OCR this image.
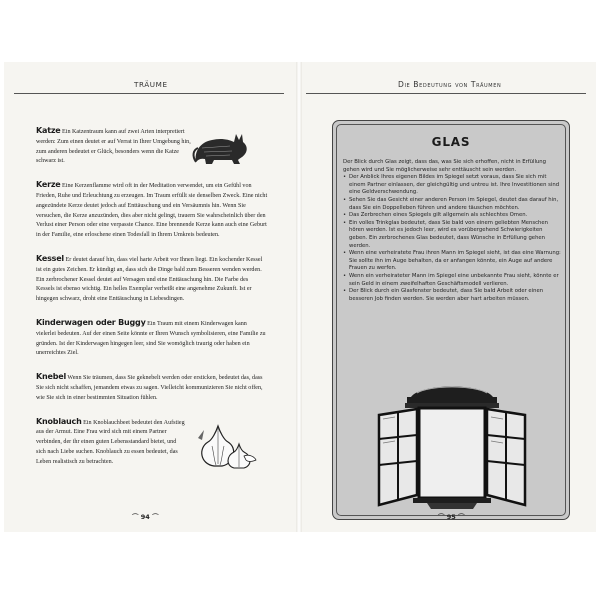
TRÄUME

Katze Ein Katzentraum kann auf zwei Arten interpretiert werden: Zum einen deutet er auf Verrat in Ihrer Umgebung hin, zum anderen bedeutet er Glück, besonders wenn die Katze schwarz ist.

Kerze Eine Kerzenflamme wird oft in der Meditation verwendet, um ein Gefühl von Frieden, Ruhe und Erleuchtung zu erzeugen. Im Traum erfüllt sie denselben Zweck. Eine nicht angezündete Kerze deutet jedoch auf Enttäuschung und ein Versäumnis hin. Wenn Sie versuchen, die Kerze anzuzünden, dies aber nicht gelingt, trauern Sie wahrscheinlich über den Verlust einer Person oder eine verpasste Chance. Eine brennende Kerze kann auch eine Geburt in der Familie, eine erloschene einen Todesfall in Ihrem Umkreis bedeuten.

Kessel Er deutet darauf hin, dass viel harte Arbeit vor Ihnen liegt. Ein kochender Kessel ist ein gutes Zeichen. Er kündigt an, dass sich die Dinge bald zum Besseren wenden werden. Ein zerbrochener Kessel deutet auf Versagen und eine Enttäuschung hin. Die Farbe des Kessels ist ebenso wichtig. Ein helles Exemplar verheißt eine angenehme Zukunft. Ist er hingegen schwarz, droht eine Enttäuschung in Liebesdingen.

Kinderwagen oder Buggy Ein Traum mit einem Kinderwagen kann vielerlei bedeuten. Auf der einen Seite könnte er Ihren Wunsch symbolisieren, eine Familie zu gründen. Ist der Kinderwagen hingegen leer, sind Sie womöglich traurig oder haben ein unerreichtes Ziel.

Knebel Wenn Sie träumen, dass Sie geknebelt werden oder ersticken, bedeutet das, dass Sie sich nicht schaffen, jemandem etwas zu sagen. Vielleicht kommunizieren Sie nicht offen, wie Sie sich in einer bestimmten Situation fühlen.

Knoblauch Ein Knoblauchbeet bedeutet den Aufstieg aus der Armut. Eine Frau wird sich mit einem Partner verbinden, der ihr einen guten Lebensstandard bietet, und sich nach Liebe suchen. Knoblauch zu essen bedeutet, das Leben realistisch zu betrachten.

⌒ 94 ⌒
Die Bedeutung von Träumen
GLAS

Der Blick durch Glas zeigt, dass das, was Sie sich erhoffen, nicht in Erfüllung gehen wird und Sie möglicherweise sehr enttäuscht sein werden.

• Der Anblick Ihres eigenen Bildes im Spiegel setzt voraus, dass Sie sich mit einem Partner einlassen, der gleichgültig und untreu ist. Ihre Investitionen sind eine Geldverschwendung.
• Sehen Sie das Gesicht einer anderen Person im Spiegel, deutet das darauf hin, dass Sie ein Doppelleben führen und andere täuschen möchten.
• Das Zerbrechen eines Spiegels gilt allgemein als schlechtes Omen.
• Ein volles Trinkglas bedeutet, dass Sie bald von einem geliebten Menschen hören werden. Ist es jedoch leer, wird es vorübergehend Schwierigkeiten geben. Ein zerbrochenes Glas bedeutet, dass Wünsche in Erfüllung gehen werden.
• Wenn eine verheiratete Frau ihren Mann im Spiegel sieht, ist das eine Warnung: Sie sollte ihn im Auge behalten, da er anfangen könnte, ein Auge auf andere Frauen zu werfen.
• Wenn ein verheirateter Mann im Spiegel eine unbekannte Frau sieht, könnte er sein Geld in einem zweifelhaften Geschäftsmodell verlieren.
• Der Blick durch ein Glasfenster bedeutet, dass Sie bald Arbeit oder einen besseren Job finden werden. Sie werden aber hart arbeiten müssen.
⌒ 95 ⌒
